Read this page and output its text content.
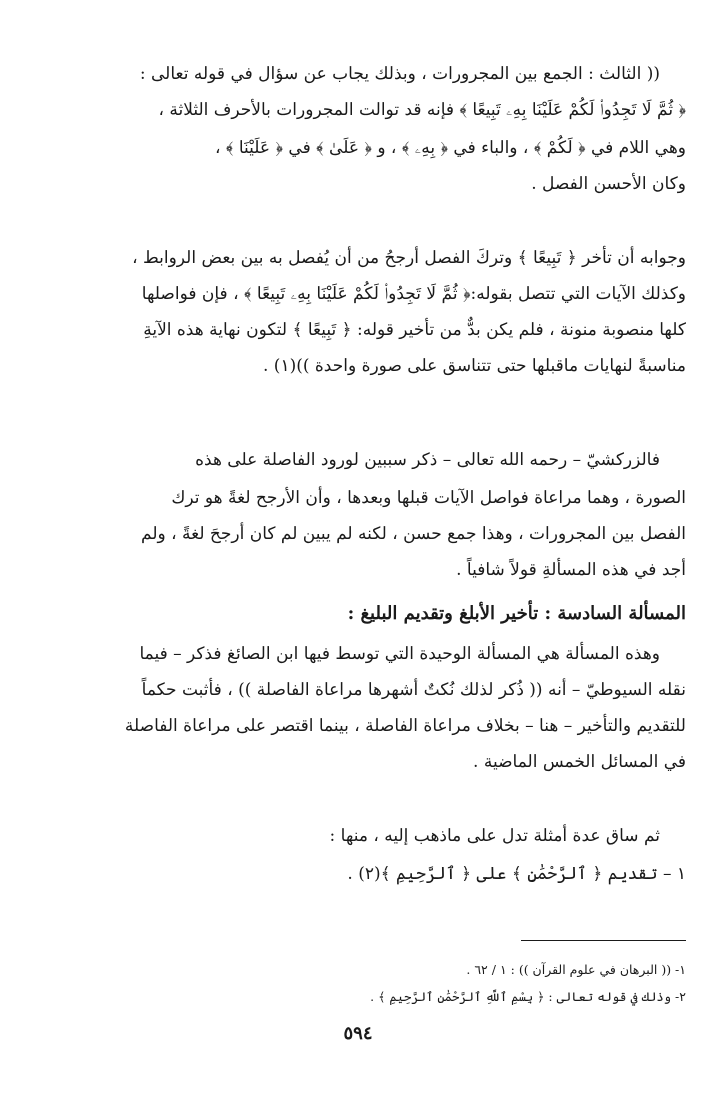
(( الثالث : الجمع بين المجرورات ، وبذلك يجاب عن سؤال في قوله تعالى :
﴿ ثُمَّ لَا تَجِدُوا۟ لَكُمْ عَلَيْنَا بِهِۦ تَبِيعًا ﴾ فإنه قد توالت المجرورات بالأحرف الثلاثة ،
وهي اللام في ﴿ لَكُمْ ﴾ ، والباء في ﴿ بِهِۦ ﴾ ، و ﴿ عَلَىٰ ﴾ في ﴿ عَلَيْنَا ﴾ ،
وكان الأحسن الفصل .
وجوابه أن تأخر ﴿ تَبِيعًا ﴾ وتركَ الفصل أرجحُ من أن يُفصل به بين بعض الروابط ،
وكذلك الآيات التي تتصل بقوله:﴿ ثُمَّ لَا تَجِدُوا۟ لَكُمْ عَلَيْنَا بِهِۦ تَبِيعًا ﴾ ، فإن فواصلها
كلها منصوبة منونة ، فلم يكن بدٌّ من تأخير قوله: ﴿ تَبِيعًا ﴾ لتكون نهاية هذه الآيةِ
مناسبةً لنهايات ماقبلها حتى تتناسق على صورة واحدة ))(١) .
فالزركشيّ – رحمه الله تعالى – ذكر سببين لورود الفاصلة على هذه
الصورة ، وهما مراعاة فواصل الآيات قبلها وبعدها ، وأن الأرجح لغةً هو ترك
الفصل بين المجرورات ، وهذا جمع حسن ، لكنه لم يبين لم كان أرجحَ لغةً ، ولم
أجد في هذه المسألةِ قولاً شافياً .
المسألة السادسة : تأخير الأبلغ وتقديم البليغ :
وهذه المسألة هي المسألة الوحيدة التي توسط فيها ابن الصائغ فذكر – فيما
نقله السيوطيّ – أنه (( ذُكر لذلك نُكتٌ أشهرها مراعاة الفاصلة )) ، فأثبت حكماً
للتقديم والتأخير – هنا – بخلاف مراعاة الفاصلة ، بينما اقتصر على مراعاة الفاصلة
في المسائل الخمس الماضية .
ثم ساق عدة أمثلة تدل على ماذهب إليه ، منها :
١ – تقديم ﴿ ٱلرَّحْمَٰنِ ﴾ على ﴿ ٱلرَّحِيمِ ﴾(٢) .
١- (( البرهان في علوم القرآن )) : ١ / ٦٢ .
٢- وذلك في قوله تعالى : ﴿ بِسْمِ ٱللَّهِ ٱلرَّحْمَٰنِ ٱلرَّحِيمِ ﴾ .
٥٩٤
